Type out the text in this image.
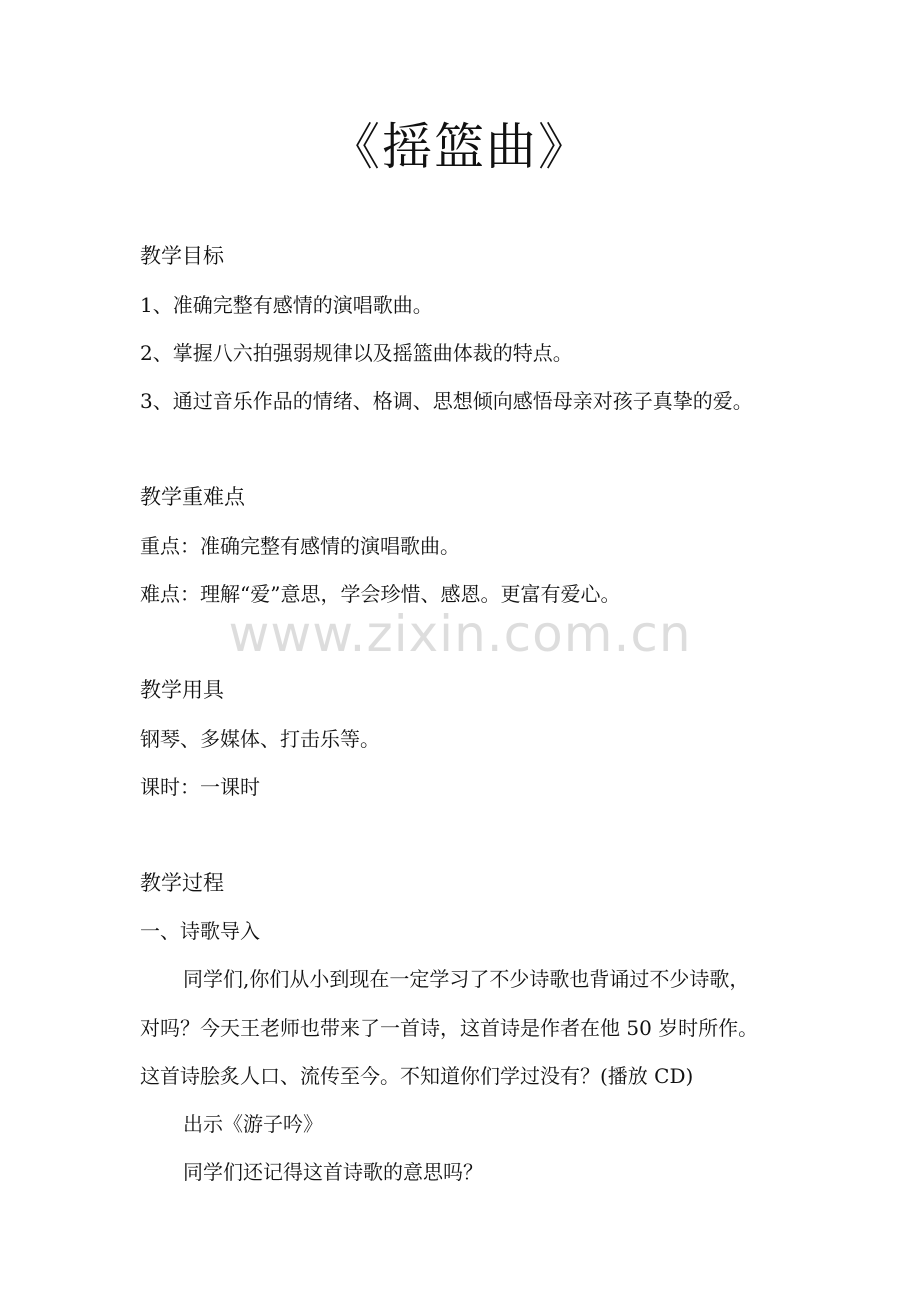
《摇篮曲》
教学目标
1、准确完整有感情的演唱歌曲。
2、掌握八六拍强弱规律以及摇篮曲体裁的特点。
3、通过音乐作品的情绪、格调、思想倾向感悟母亲对孩子真挚的爱。
教学重难点
重点：准确完整有感情的演唱歌曲。
难点：理解“爱”意思，学会珍惜、感恩。更富有爱心。
www.zixin.com.cn
教学用具
钢琴、多媒体、打击乐等。
课时：一课时
教学过程
一、诗歌导入
同学们,你们从小到现在一定学习了不少诗歌也背诵过不少诗歌，
对吗？今天王老师也带来了一首诗，这首诗是作者在他 50 岁时所作。
这首诗脍炙人口、流传至今。不知道你们学过没有？(播放 CD)
出示《游子吟》
同学们还记得这首诗歌的意思吗？
